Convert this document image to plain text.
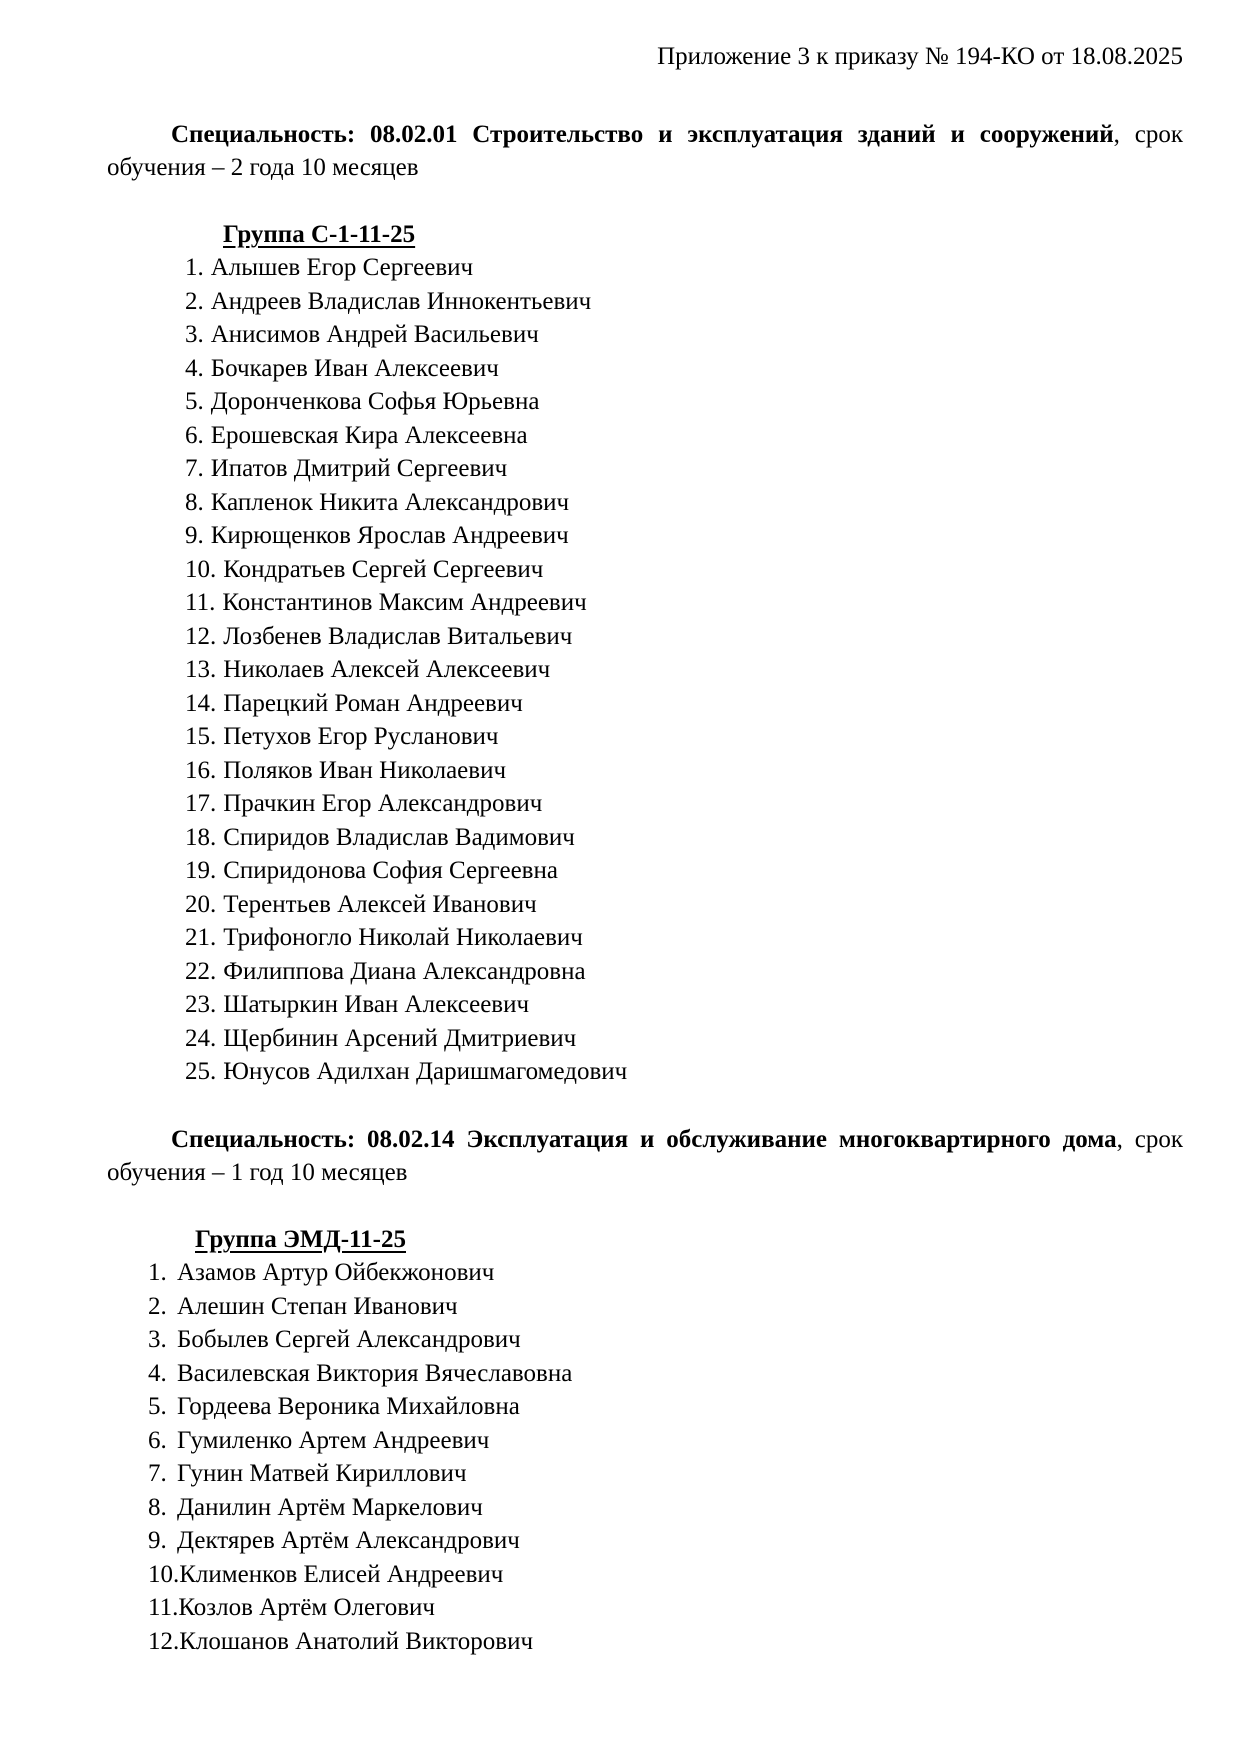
Приложение 3 к приказу № 194-КО от 18.08.2025

Специальность: 08.02.01 Строительство и эксплуатация зданий и сооружений, срок обучения – 2 года 10 месяцев

Группа С-1-11-25
1. Алышев Егор Сергеевич
2. Андреев Владислав Иннокентьевич
3. Анисимов Андрей Васильевич
4. Бочкарев Иван Алексеевич
5. Доронченкова Софья Юрьевна
6. Ерошевская Кира Алексеевна
7. Ипатов Дмитрий Сергеевич
8. Капленок Никита Александрович
9. Кирющенков Ярослав Андреевич
10. Кондратьев Сергей Сергеевич
11. Константинов Максим Андреевич
12. Лозбенев Владислав Витальевич
13. Николаев Алексей Алексеевич
14. Парецкий Роман Андреевич
15. Петухов Егор Русланович
16. Поляков Иван Николаевич
17. Прачкин Егор Александрович
18. Спиридов Владислав Вадимович
19. Спиридонова София Сергеевна
20. Терентьев Алексей Иванович
21. Трифоногло Николай Николаевич
22. Филиппова Диана Александровна
23. Шатыркин Иван Алексеевич
24. Щербинин Арсений Дмитриевич
25. Юнусов Адилхан Даришмагомедович

Специальность: 08.02.14 Эксплуатация и обслуживание многоквартирного дома, срок обучения – 1 год 10 месяцев

Группа ЭМД-11-25
1. Азамов Артур Ойбекжонович
2. Алешин Степан Иванович
3. Бобылев Сергей Александрович
4. Василевская Виктория Вячеславовна
5. Гордеева Вероника Михайловна
6. Гумиленко Артем Андреевич
7. Гунин Матвей Кириллович
8. Данилин Артём Маркелович
9. Дектярев Артём Александрович
10.Клименков Елисей Андреевич
11.Козлов Артём Олегович
12.Клошанов Анатолий Викторович
